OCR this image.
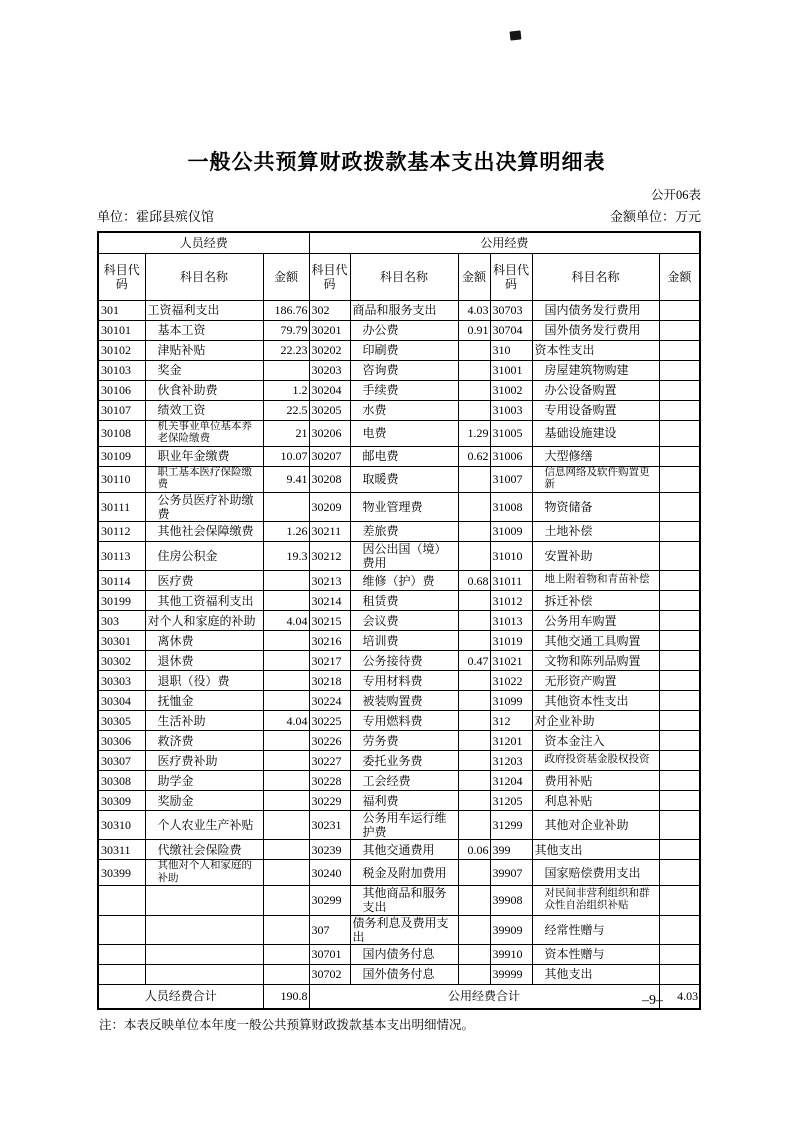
一般公共预算财政拨款基本支出决算明细表
公开06表
单位：霍邱县殡仪馆	金额单位：万元
人员经费			公用经费					
科目代码	科目名称	金额	科目代码	科目名称	金额	科目代码	科目名称	金额
301	工资福利支出	186.76	302	商品和服务支出	4.03	30703	国内债务发行费用	
30101	基本工资	79.79	30201	办公费	0.91	30704	国外债务发行费用	
30102	津贴补贴	22.23	30202	印刷费		310	资本性支出	
30103	奖金		30203	咨询费		31001	房屋建筑物购建	
30106	伙食补助费	1.2	30204	手续费		31002	办公设备购置	
30107	绩效工资	22.5	30205	水费		31003	专用设备购置	
30108	机关事业单位基本养老保险缴费	21	30206	电费	1.29	31005	基础设施建设	
30109	职业年金缴费	10.07	30207	邮电费	0.62	31006	大型修缮	
30110	职工基本医疗保险缴费	9.41	30208	取暖费		31007	信息网络及软件购置更新	
30111	公务员医疗补助缴费		30209	物业管理费		31008	物资储备	
30112	其他社会保障缴费	1.26	30211	差旅费		31009	土地补偿	
30113	住房公积金	19.3	30212	因公出国（境）费用		31010	安置补助	
30114	医疗费		30213	维修（护）费	0.68	31011	地上附着物和青苗补偿	
30199	其他工资福利支出		30214	租赁费		31012	拆迁补偿	
303	对个人和家庭的补助	4.04	30215	会议费		31013	公务用车购置	
30301	离休费		30216	培训费		31019	其他交通工具购置	
30302	退休费		30217	公务接待费	0.47	31021	文物和陈列品购置	
30303	退职（役）费		30218	专用材料费		31022	无形资产购置	
30304	抚恤金		30224	被装购置费		31099	其他资本性支出	
30305	生活补助	4.04	30225	专用燃料费		312	对企业补助	
30306	救济费		30226	劳务费		31201	资本金注入	
30307	医疗费补助		30227	委托业务费		31203	政府投资基金股权投资	
30308	助学金		30228	工会经费		31204	费用补贴	
30309	奖励金		30229	福利费		31205	利息补贴	
30310	个人农业生产补贴		30231	公务用车运行维护费		31299	其他对企业补助	
30311	代缴社会保险费		30239	其他交通费用	0.06	399	其他支出	
30399	其他对个人和家庭的补助		30240	税金及附加费用		39907	国家赔偿费用支出	
			30299	其他商品和服务支出		39908	对民间非营利组织和群众性自治组织补贴	
			307	债务利息及费用支出		39909	经常性赠与	
			30701	国内债务付息		39910	资本性赠与	
			30702	国外债务付息		39999	其他支出	
人员经费合计		190.8	公用经费合计					4.03
注：本表反映单位本年度一般公共预算财政拨款基本支出明细情况。
–9–
